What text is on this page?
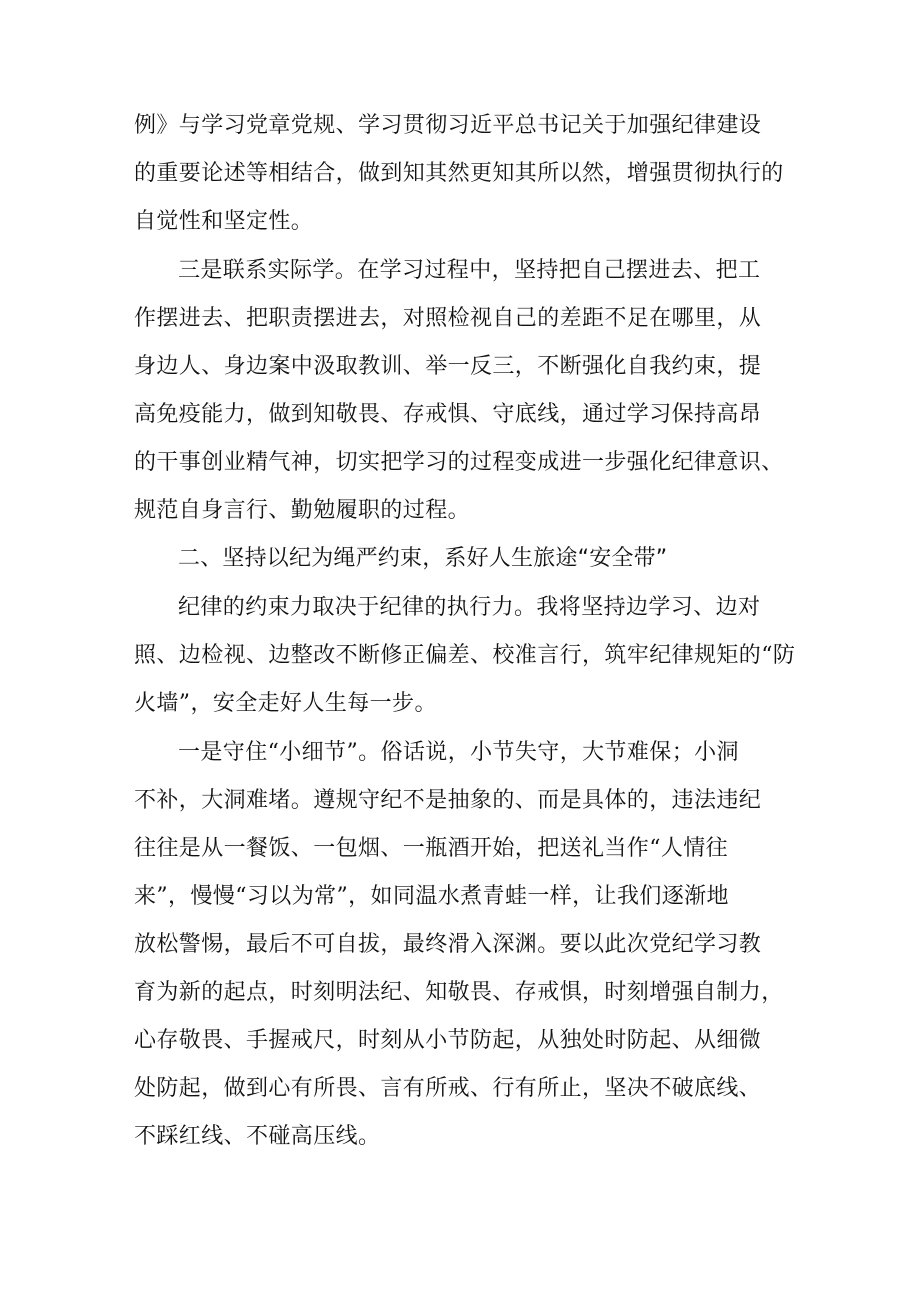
例》与学习党章党规、学习贯彻习近平总书记关于加强纪律建设
的重要论述等相结合，做到知其然更知其所以然，增强贯彻执行的
自觉性和坚定性。
三是联系实际学。在学习过程中，坚持把自己摆进去、把工
作摆进去、把职责摆进去，对照检视自己的差距不足在哪里，从
身边人、身边案中汲取教训、举一反三，不断强化自我约束，提
高免疫能力，做到知敬畏、存戒惧、守底线，通过学习保持高昂
的干事创业精气神，切实把学习的过程变成进一步强化纪律意识、
规范自身言行、勤勉履职的过程。
二、坚持以纪为绳严约束，系好人生旅途“安全带”
纪律的约束力取决于纪律的执行力。我将坚持边学习、边对
照、边检视、边整改不断修正偏差、校准言行，筑牢纪律规矩的“防
火墙”，安全走好人生每一步。
一是守住“小细节”。俗话说，小节失守，大节难保；小洞
不补，大洞难堵。遵规守纪不是抽象的、而是具体的，违法违纪
往往是从一餐饭、一包烟、一瓶酒开始，把送礼当作“人情往
来”，慢慢“习以为常”，如同温水煮青蛙一样，让我们逐渐地
放松警惕，最后不可自拔，最终滑入深渊。要以此次党纪学习教
育为新的起点，时刻明法纪、知敬畏、存戒惧，时刻增强自制力，
心存敬畏、手握戒尺，时刻从小节防起，从独处时防起、从细微
处防起，做到心有所畏、言有所戒、行有所止，坚决不破底线、
不踩红线、不碰高压线。
